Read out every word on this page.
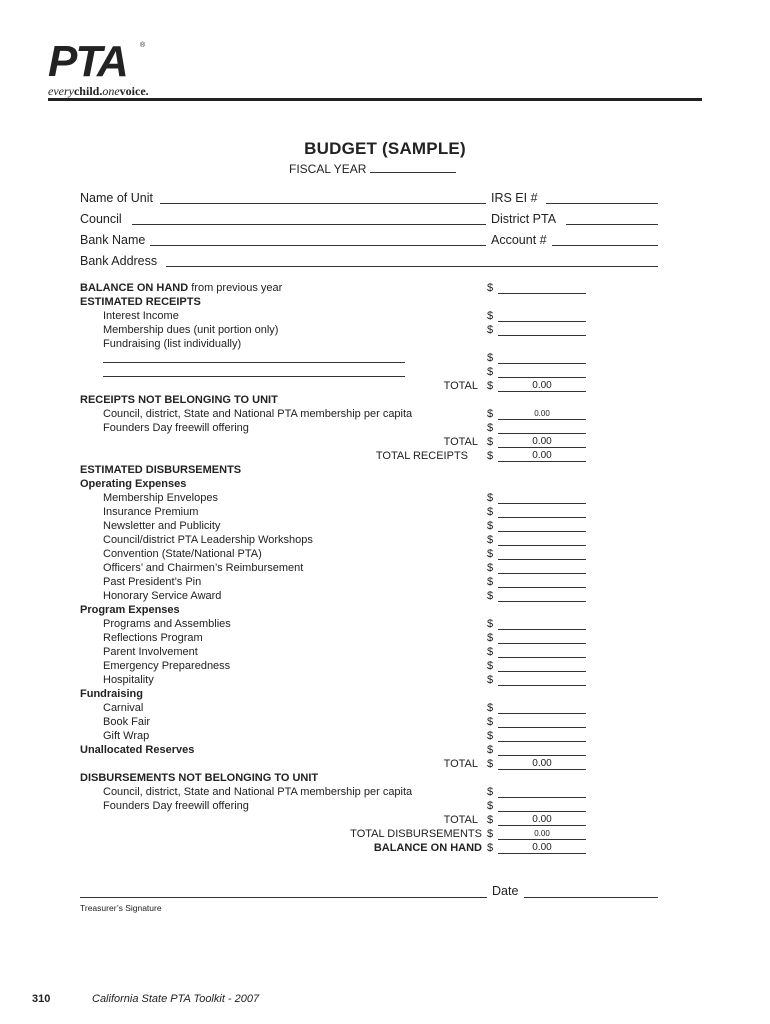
PTA	®
everychild.onevoice.
BUDGET (SAMPLE)
FISCAL YEAR
Name of Unit	IRS EI #
Council	District PTA
Bank Name	Account #
Bank Address
BALANCE ON HAND from previous year	$
ESTIMATED RECEIPTS
Interest Income	$
Membership dues (unit portion only)	$
Fundraising (list individually)
$
$
TOTAL $	0.00
RECEIPTS NOT BELONGING TO UNIT
Council, district, State and National PTA membership per capita	$	0.00
Founders Day freewill offering	$
TOTAL $	0.00
TOTAL RECEIPTS $	0.00
ESTIMATED DISBURSEMENTS
Operating Expenses
Membership Envelopes	$
Insurance Premium	$
Newsletter and Publicity	$
Council/district PTA Leadership Workshops	$
Convention (State/National PTA)	$
Officers’ and Chairmen’s Reimbursement	$
Past President’s Pin	$
Honorary Service Award	$
Program Expenses
Programs and Assemblies	$
Reflections Program	$
Parent Involvement	$
Emergency Preparedness	$
Hospitality	$
Fundraising
Carnival	$
Book Fair	$
Gift Wrap	$
Unallocated Reserves	$
TOTAL $	0.00
DISBURSEMENTS NOT BELONGING TO UNIT
Council, district, State and National PTA membership per capita	$
Founders Day freewill offering	$
TOTAL $	0.00
TOTAL DISBURSEMENTS $	0.00
BALANCE ON HAND $	0.00
Date
Treasurer’s Signature
310	California State PTA Toolkit - 2007
